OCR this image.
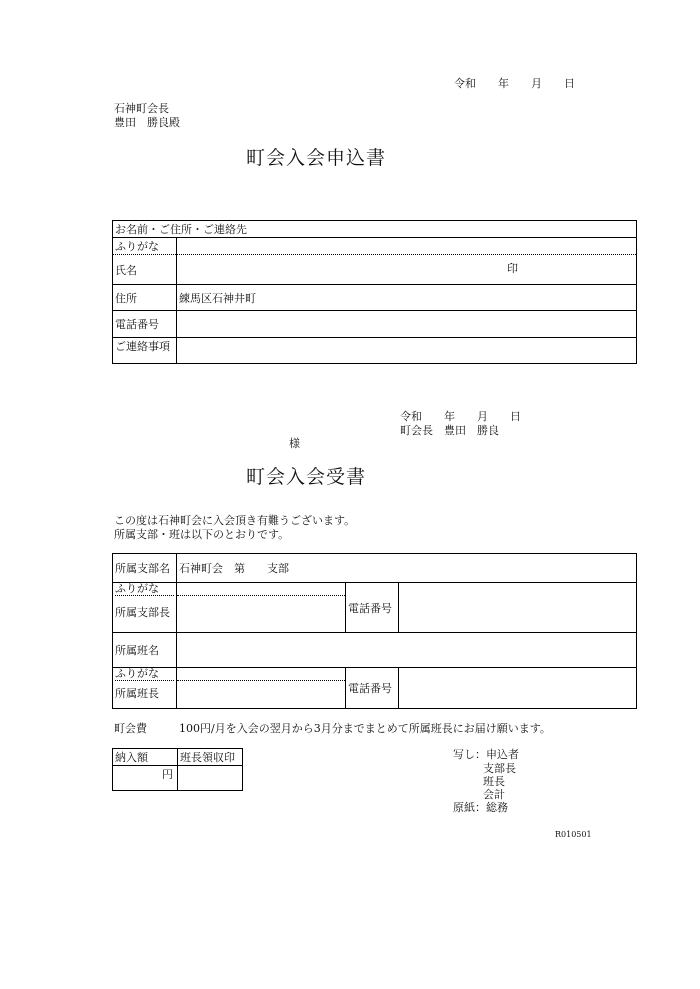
令和　　年　　月　　日
石神町会長
豊田　勝良殿
町会入会申込書
お名前・ご住所・ご連絡先	
ふりがな	
氏名	印

住所	練馬区石神井町
電話番号	
ご連絡事項	
令和　　年　　月　　日
町会長　豊田　勝良
様
町会入会受書
この度は石神町会に入会頂き有難うございます。
所属支部・班は以下のとおりです。
所属支部名	石神町会　第　　支部		

ふりがな
所属支部長		電話番号	
所属班名			

ふりがな
所属班長		電話番号	
町会費	100円/月を入会の翌月から3月分までまとめて所属班長にお届け願います。
納入額	班長領収印
円	
写し：申込者
支部長
班長
会計
原紙：総務
R010501
